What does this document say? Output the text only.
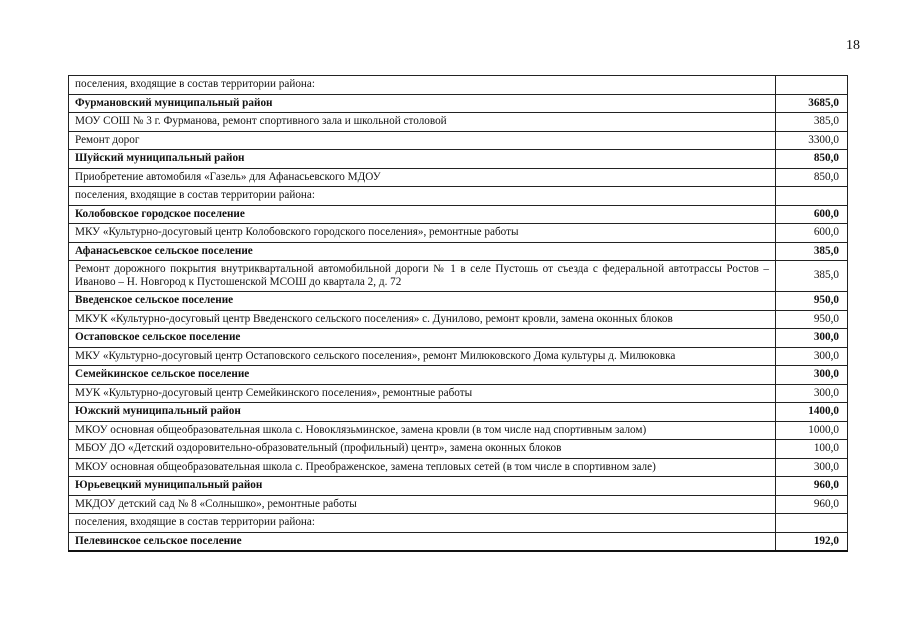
18
поселения, входящие в состав территории района:	
Фурмановский муниципальный район	3685,0
МОУ СОШ № 3 г. Фурманова, ремонт спортивного зала и школьной столовой	385,0
Ремонт дорог	3300,0
Шуйский муниципальный район	850,0
Приобретение автомобиля «Газель» для Афанасьевского МДОУ	850,0
поселения, входящие в состав территории района:	
Колобовское городское поселение	600,0
МКУ «Культурно-досуговый центр Колобовского городского поселения», ремонтные работы	600,0
Афанасьевское сельское поселение	385,0
Ремонт дорожного покрытия внутриквартальной автомобильной дороги № 1 в селе Пустошь от съезда с федеральной автотрассы Ростов – Иваново – Н. Новгород к Пустошенской МСОШ до квартала 2, д. 72	385,0
Введенское сельское поселение	950,0
МКУК «Культурно-досуговый центр Введенского сельского поселения» с. Дунилово, ремонт кровли, замена оконных блоков	950,0
Остаповское сельское поселение	300,0
МКУ «Культурно-досуговый центр Остаповского сельского поселения», ремонт Милюковского Дома культуры д. Милюковка	300,0
Семейкинское сельское поселение	300,0
МУК «Культурно-досуговый центр Семейкинского поселения», ремонтные работы	300,0
Южский муниципальный район	1400,0
МКОУ основная общеобразовательная школа с. Новоклязьминское, замена кровли (в том числе над спортивным залом)	1000,0
МБОУ ДО «Детский оздоровительно-образовательный (профильный) центр», замена оконных блоков	100,0
МКОУ основная общеобразовательная школа с. Преображенское, замена тепловых сетей (в том числе в спортивном зале)	300,0
Юрьевецкий муниципальный район	960,0
МКДОУ детский сад № 8 «Солнышко», ремонтные работы	960,0
поселения, входящие в состав территории района:	
Пелевинское сельское поселение	192,0
